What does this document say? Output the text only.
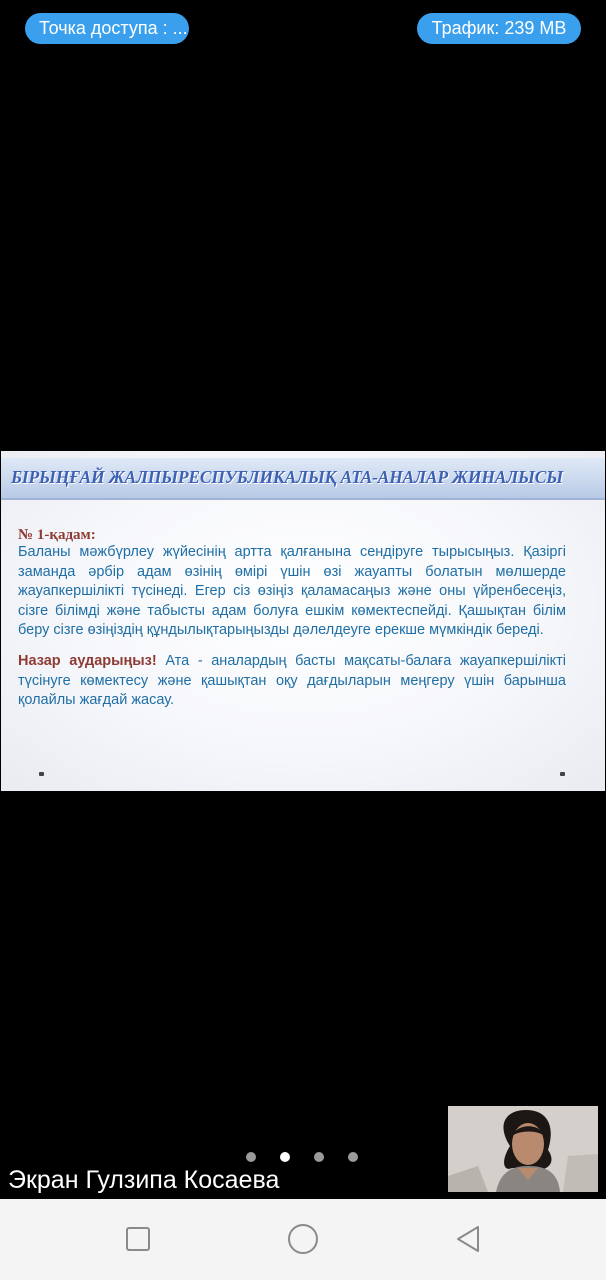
Точка доступа : ...	Трафик: 239 MB
БІРЫҢҒАЙ ЖАЛПЫРЕСПУБЛИКАЛЫҚ АТА-АНАЛАР ЖИНАЛЫСЫ
№ 1-қадам:
Баланы мәжбүрлеу жүйесінің артта қалғанына сендіруге тырысыңыз. Қазіргі заманда әрбір адам өзінің өмірі үшін өзі жауапты болатын мөлшерде жауапкершілікті түсінеді. Егер сіз өзіңіз қаламасаңыз және оны үйренбесеңіз, сізге білімді және табысты адам болуға ешкім көмектеспейді. Қашықтан білім беру сізге өзіңіздің құндылықтарыңызды дәлелдеуге ерекше мүмкіндік береді.
Назар аударыңыз! Ата - аналардың басты мақсаты-балаға жауапкершілікті түсінуге көмектесу және қашықтан оқу дағдыларын меңгеру үшін барынша қолайлы жағдай жасау.
Экран Гулзипа Косаева
